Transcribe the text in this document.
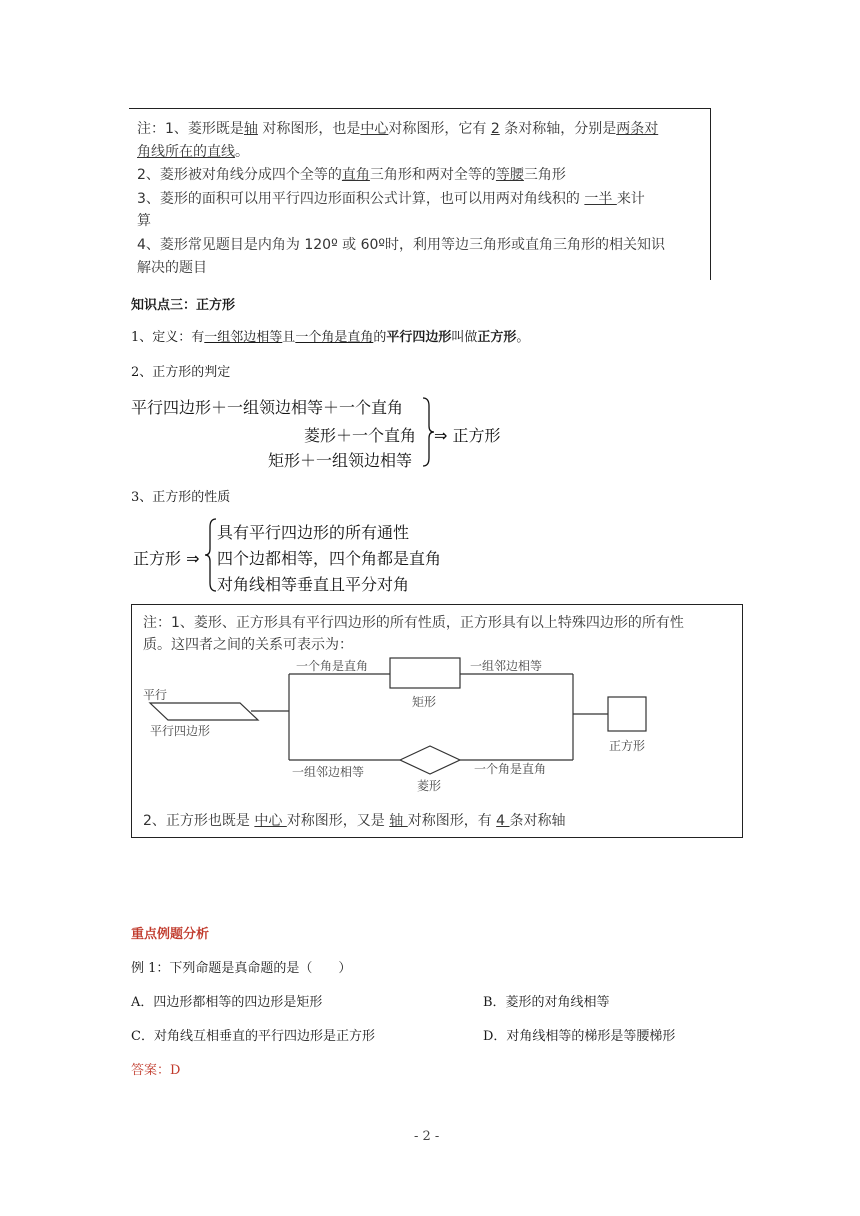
注：1、菱形既是轴 对称图形，也是中心对称图形，它有 2 条对称轴，分别是两条对
角线所在的直线。
2、菱形被对角线分成四个全等的直角三角形和两对全等的等腰三角形
3、菱形的面积可以用平行四边形面积公式计算，也可以用两对角线积的 一半 来计
算
4、菱形常见题目是内角为 120º 或 60º时，利用等边三角形或直角三角形的相关知识
解决的题目
知识点三：正方形
1、定义：有一组邻边相等且一个角是直角的平行四边形叫做正方形。
2、正方形的判定
平行四边形＋一组领边相等＋一个直角
菱形＋一个直角
矩形＋一组领边相等
⇒ 正方形
3、正方形的性质
正方形 ⇒
具有平行四边形的所有通性
四个边都相等，四个角都是直角
对角线相等垂直且平分对角
注：1、菱形、正方形具有平行四边形的所有性质，正方形具有以上特殊四边形的所有性
质。这四者之间的关系可表示为：
一个角是直角	一组邻边相等
矩形
平行
平行四边形
一组邻边相等	一个角是直角
菱形
正方形
2、正方形也既是 中心 对称图形，又是 轴 对称图形，有 4 条对称轴
重点例题分析
例 1：下列命题是真命题的是（　　）
A．四边形都相等的四边形是矩形	B．菱形的对角线相等
C．对角线互相垂直的平行四边形是正方形	D．对角线相等的梯形是等腰梯形
答案：D
- 2 -
